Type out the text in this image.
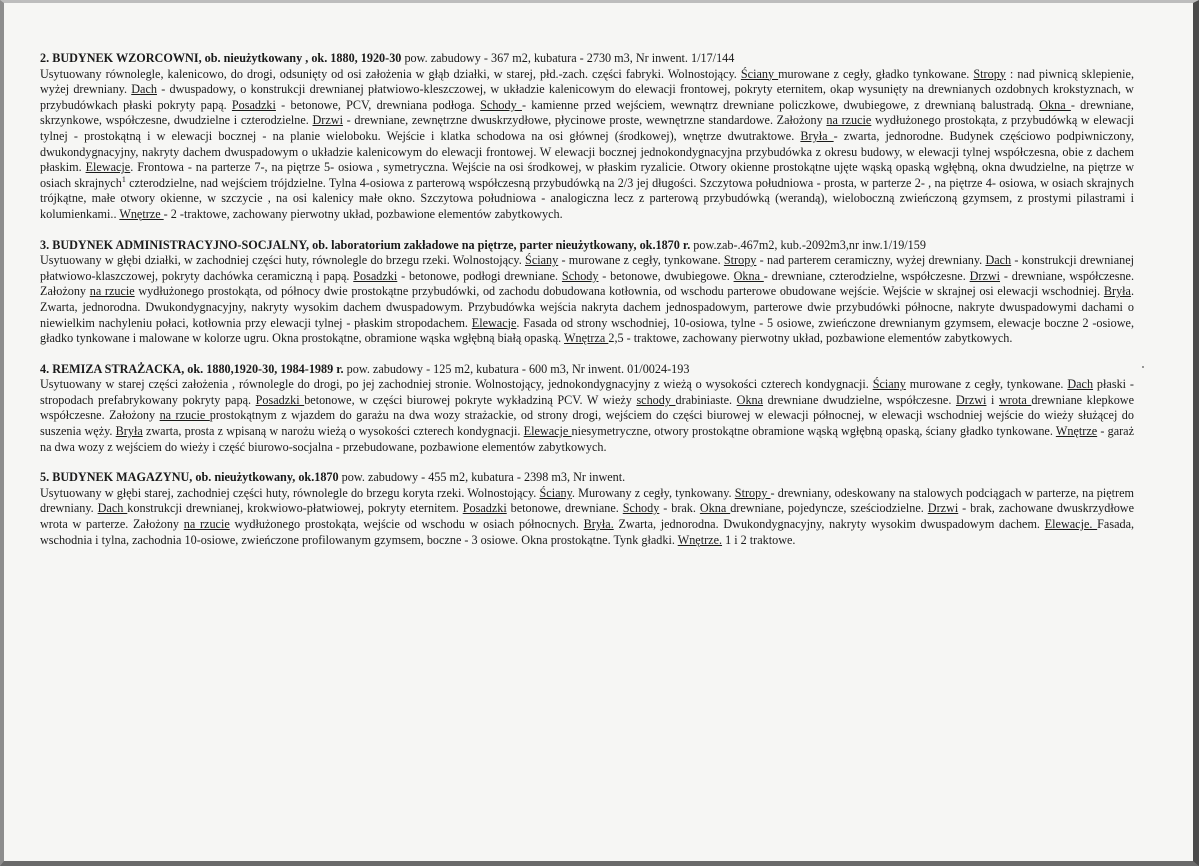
2. BUDYNEK WZORCOWNI, ob. nieużytkowany , ok. 1880, 1920-30 pow. zabudowy - 367 m2, kubatura - 2730 m3, Nr inwent. 1/17/144
Usytuowany równolegle, kalenicowo, do drogi, odsunięty od osi założenia w głąb działki, w starej, płd.-zach. części fabryki. Wolnostojący. Ściany murowane z cegły, gładko tynkowane. Stropy : nad piwnicą sklepienie, wyżej drewniany. Dach - dwuspadowy, o konstrukcji drewnianej płatwiowo-kleszczowej, w układzie kalenicowym do elewacji frontowej, pokryty eternitem, okap wysunięty na drewnianych ozdobnych krokstyznach, w przybudówkach płaski pokryty papą. Posadzki - betonowe, PCV, drewniana podłoga. Schody - kamienne przed wejściem, wewnątrz drewniane policzkowe, dwubiegowe, z drewnianą balustradą. Okna - drewniane, skrzynkowe, współczesne, dwudzielne i czterodzielne. Drzwi - drewniane, zewnętrzne dwuskrzydłowe, płycinowe proste, wewnętrzne standardowe. Założony na rzucie wydłużonego prostokąta, z przybudówką w elewacji tylnej - prostokątną i w elewacji bocznej - na planie wieloboku. Wejście i klatka schodowa na osi głównej (środkowej), wnętrze dwutraktowe. Bryła - zwarta, jednorodne. Budynek częściowo podpiwniczony, dwukondygnacyjny, nakryty dachem dwuspadowym o układzie kalenicowym do elewacji frontowej. W elewacji bocznej jednokondygnacyjna przybudówka z okresu budowy, w elewacji tylnej współczesna, obie z dachem płaskim. Elewacje. Frontowa - na parterze 7-, na piętrze 5- osiowa , symetryczna. Wejście na osi środkowej, w płaskim ryzalicie. Otwory okienne prostokątne ujęte wąską opaską wgłębną, okna dwudzielne, na piętrze w osiach skrajnych$^1$ czterodzielne, nad wejściem trójdzielne. Tylna 4-osiowa z parterową współczesną przybudówką na 2/3 jej długości. Szczytowa południowa - prosta, w parterze 2- , na piętrze 4- osiowa, w osiach skrajnych trójkątne, małe otwory okienne, w szczycie , na osi kalenicy małe okno. Szczytowa południowa - analogiczna lecz z parterową przybudówką (werandą), wieloboczną zwieńczoną gzymsem, z prostymi pilastrami i kolumienkami.. Wnętrze - 2 -traktowe, zachowany pierwotny układ, pozbawione elementów zabytkowych.

3. BUDYNEK ADMINISTRACYJNO-SOCJALNY, ob. laboratorium zakładowe na piętrze, parter nieużytkowany, ok.1870 r. pow.zab-.467m2, kub.-2092m3,nr inw.1/19/159
Usytuowany w głębi działki, w zachodniej części huty, równolegle do brzegu rzeki. Wolnostojący. Ściany - murowane z cegły, tynkowane. Stropy - nad parterem ceramiczny, wyżej drewniany. Dach - konstrukcji drewnianej płatwiowo-klaszczowej, pokryty dachówka ceramiczną i papą. Posadzki - betonowe, podłogi drewniane. Schody - betonowe, dwubiegowe. Okna - drewniane, czterodzielne, współczesne. Drzwi - drewniane, współczesne. Założony na rzucie wydłużonego prostokąta, od północy dwie prostokątne przybudówki, od zachodu dobudowana kotłownia, od wschodu parterowe obudowane wejście. Wejście w skrajnej osi elewacji wschodniej. Bryła. Zwarta, jednorodna. Dwukondygnacyjny, nakryty wysokim dachem dwuspadowym. Przybudówka wejścia nakryta dachem jednospadowym, parterowe dwie przybudówki północne, nakryte dwuspadowymi dachami o niewielkim nachyleniu połaci, kotłownia przy elewacji tylnej - płaskim stropodachem. Elewacje. Fasada od strony wschodniej, 10-osiowa, tylne - 5 osiowe, zwieńczone drewnianym gzymsem, elewacje boczne 2 -osiowe, gładko tynkowane i malowane w kolorze ugru. Okna prostokątne, obramione wąska wgłębną białą opaską. Wnętrza 2,5 - traktowe, zachowany pierwotny układ, pozbawione elementów zabytkowych.

4. REMIZA STRAŻACKA, ok. 1880,1920-30, 1984-1989 r. pow. zabudowy - 125 m2, kubatura - 600 m3, Nr inwent. 01/0024-193
Usytuowany w starej części założenia , równolegle do drogi, po jej zachodniej stronie. Wolnostojący, jednokondygnacyjny z wieżą o wysokości czterech kondygnacji. Ściany murowane z cegły, tynkowane. Dach płaski - stropodach prefabrykowany pokryty papą. Posadzki betonowe, w części biurowej pokryte wykładziną PCV. W wieży schody drabiniaste. Okna drewniane dwudzielne, współczesne. Drzwi i wrota drewniane klepkowe współczesne. Założony na rzucie prostokątnym z wjazdem do garażu na dwa wozy strażackie, od strony drogi, wejściem do części biurowej w elewacji północnej, w elewacji wschodniej wejście do wieży służącej do suszenia węży. Bryła zwarta, prosta z wpisaną w narożu wieżą o wysokości czterech kondygnacji. Elewacje niesymetryczne, otwory prostokątne obramione wąską wgłębną opaską, ściany gładko tynkowane. Wnętrze - garaż na dwa wozy z wejściem do wieży i część biurowo-socjalna - przebudowane, pozbawione elementów zabytkowych.

5. BUDYNEK MAGAZYNU, ob. nieużytkowany, ok.1870 pow. zabudowy - 455 m2, kubatura - 2398 m3, Nr inwent.
Usytuowany w głębi starej, zachodniej części huty, równolegle do brzegu koryta rzeki. Wolnostojący. Ściany. Murowany z cegły, tynkowany. Stropy - drewniany, odeskowany na stalowych podciągach w parterze, na piętrem drewniany. Dach konstrukcji drewnianej, krokwiowo-płatwiowej, pokryty eternitem. Posadzki betonowe, drewniane. Schody - brak. Okna drewniane, pojedyncze, sześciodzielne. Drzwi - brak, zachowane dwuskrzydłowe wrota w parterze. Założony na rzucie wydłużonego prostokąta, wejście od wschodu w osiach północnych. Bryła. Zwarta, jednorodna. Dwukondygnacyjny, nakryty wysokim dwuspadowym dachem. Elewacje. Fasada, wschodnia i tylna, zachodnia 10-osiowe, zwieńczone profilowanym gzymsem, boczne - 3 osiowe. Okna prostokątne. Tynk gładki. Wnętrze. 1 i 2 traktowe.
